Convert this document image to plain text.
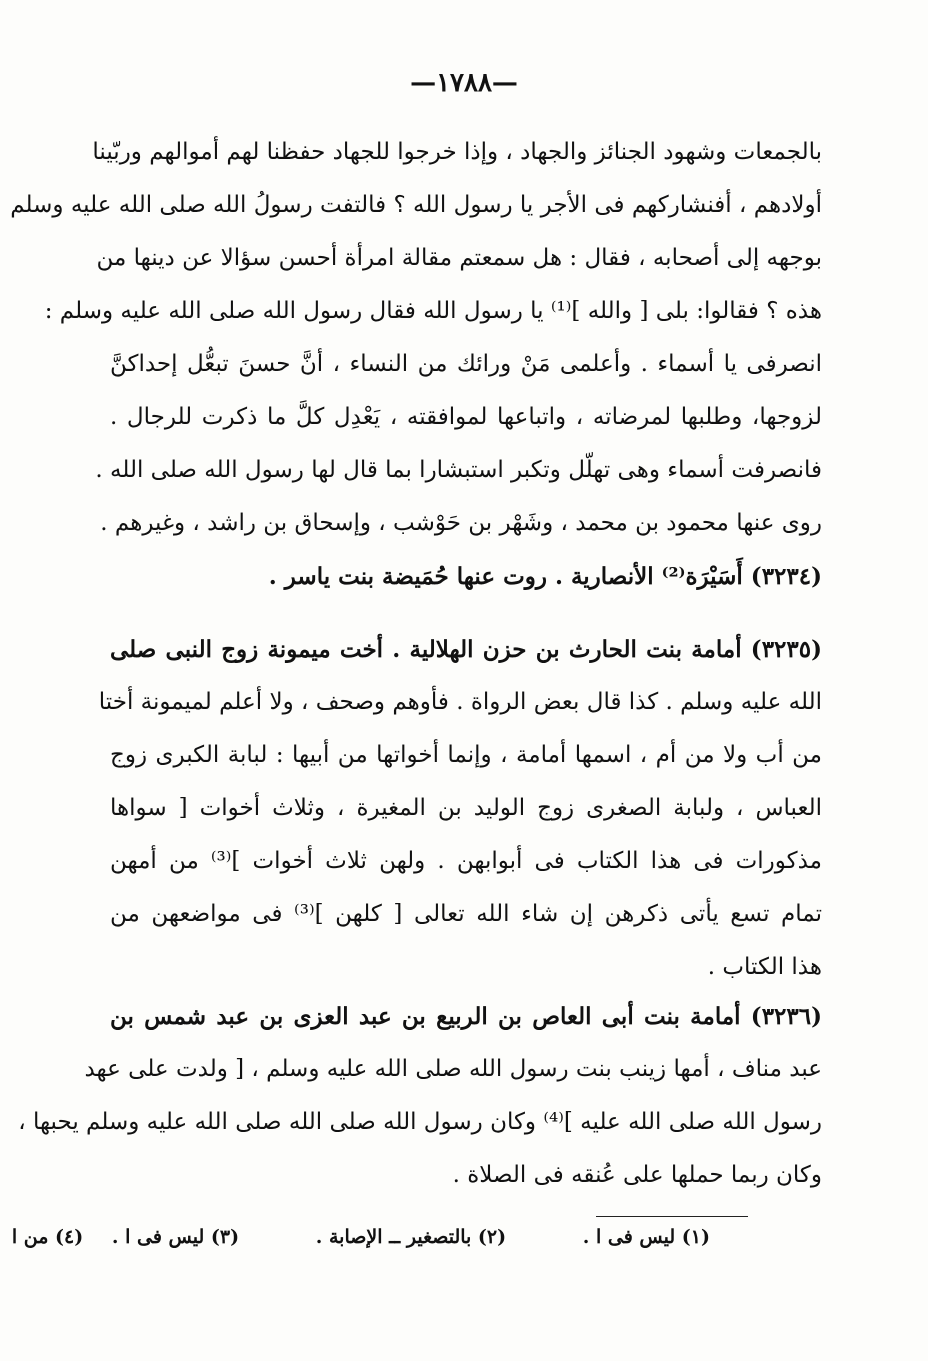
—١٧٨٨—
بالجمعات وشهود الجنائز والجهاد ، وإذا خرجوا للجهاد حفظنا لهم أموالهم وربّينا
أولادهم ، أفنشاركهم فى الأجر يا رسول الله ؟ فالتفت رسولُ الله صلى الله عليه وسلم
بوجهه إلى أصحابه ، فقال : هل سمعتم مقالة امرأة أحسن سؤالا عن دينها من
هذه ؟ فقالوا: بلى [ والله ]⁽¹⁾ يا رسول الله فقال رسول الله صلى الله عليه وسلم :
انصرفى يا أسماء . وأعلمى مَنْ ورائك من النساء ، أنَّ حسنَ تبعُّل إحداكنَّ
لزوجها، وطلبها لمرضاته ، واتباعها لموافقته ، يَعْدِل كلَّ ما ذكرت للرجال .
فانصرفت أسماء وهى تهلّل وتكبر استبشارا بما قال لها رسول الله صلى الله .
روى عنها محمود بن محمد ، وشَهْر بن حَوْشب ، وإسحاق بن راشد ، وغيرهم .
(٣٢٣٤) أَسَيْرَة⁽²⁾ الأنصارية . روت عنها حُمَيضة بنت ياسر .
(٣٢٣٥) أمامة بنت الحارث بن حزن الهلالية . أخت ميمونة زوج النبى صلى
الله عليه وسلم . كذا قال بعض الرواة . فأوهم وصحف ، ولا أعلم لميمونة أختا
من أب ولا من أم ، اسمها أمامة ، وإنما أخواتها من أبيها : لبابة الكبرى زوج
العباس ، ولبابة الصغرى زوج الوليد بن المغيرة ، وثلاث أخوات [ سواها
مذكورات فى هذا الكتاب فى أبوابهن . ولهن ثلاث أخوات ]⁽³⁾ من أمهن
تمام تسع يأتى ذكرهن إن شاء الله تعالى [ كلهن ]⁽³⁾ فى مواضعهن من
هذا الكتاب .
(٣٢٣٦) أمامة بنت أبى العاص بن الربيع بن عبد العزى بن عبد شمس بن
عبد مناف ، أمها زينب بنت رسول الله صلى الله عليه وسلم ، [ ولدت على عهد
رسول الله صلى الله عليه ]⁽⁴⁾ وكان رسول الله صلى الله صلى الله عليه وسلم يحبها ،
وكان ربما حملها على عُنقه فى الصلاة .
(١) ليس فى ا . (٢) بالتصغير ــ الإصابة . (٣) ليس فى ا . (٤) من ا
